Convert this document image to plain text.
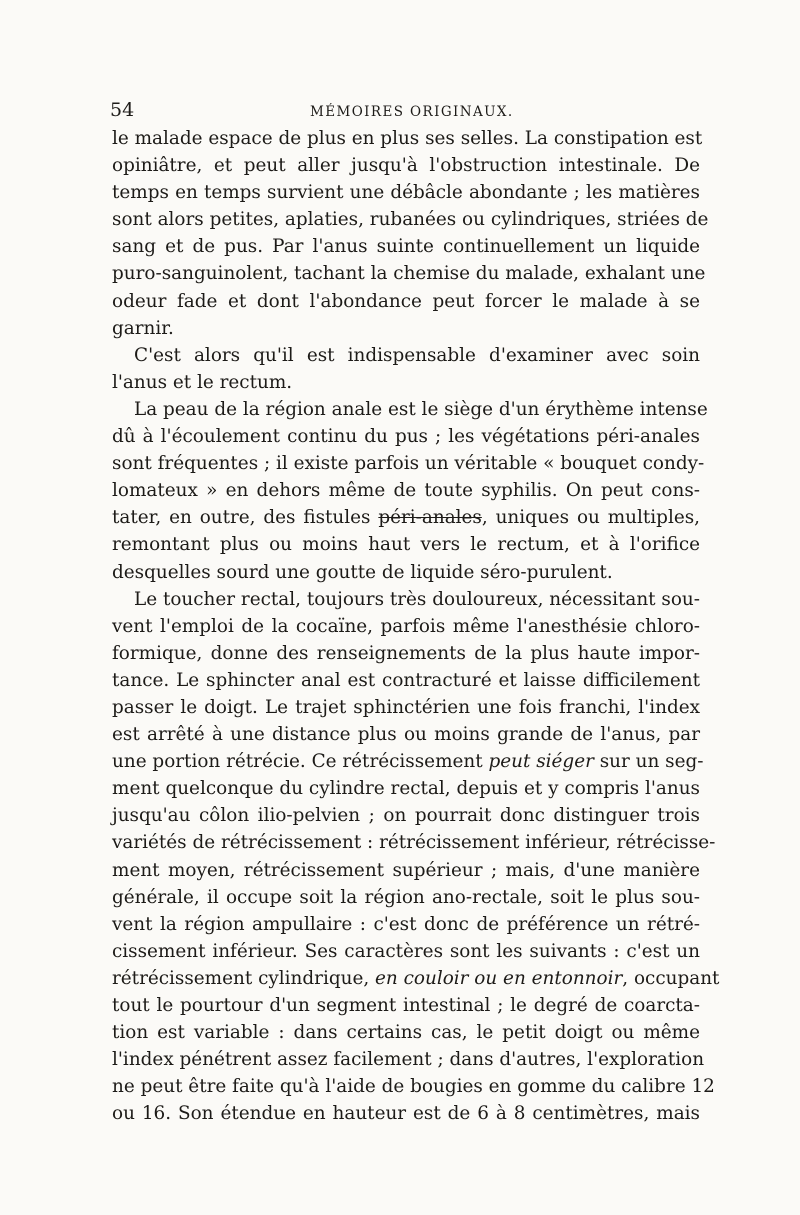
54	MÉMOIRES ORIGINAUX.
le malade espace de plus en plus ses selles. La constipation est
opiniâtre, et peut aller jusqu'à l'obstruction intestinale. De
temps en temps survient une débâcle abondante ; les matières
sont alors petites, aplaties, rubanées ou cylindriques, striées de
sang et de pus. Par l'anus suinte continuellement un liquide
puro-sanguinolent, tachant la chemise du malade, exhalant une
odeur fade et dont l'abondance peut forcer le malade à se
garnir.
C'est alors qu'il est indispensable d'examiner avec soin
l'anus et le rectum.
La peau de la région anale est le siège d'un érythème intense
dû à l'écoulement continu du pus ; les végétations péri-anales
sont fréquentes ; il existe parfois un véritable « bouquet condy-
lomateux » en dehors même de toute syphilis. On peut cons-
tater, en outre, des fistules péri-anales, uniques ou multiples,
remontant plus ou moins haut vers le rectum, et à l'orifice
desquelles sourd une goutte de liquide séro-purulent.
Le toucher rectal, toujours très douloureux, nécessitant sou-
vent l'emploi de la cocaïne, parfois même l'anesthésie chloro-
formique, donne des renseignements de la plus haute impor-
tance. Le sphincter anal est contracturé et laisse difficilement
passer le doigt. Le trajet sphinctérien une fois franchi, l'index
est arrêté à une distance plus ou moins grande de l'anus, par
une portion rétrécie. Ce rétrécissement peut siéger sur un seg-
ment quelconque du cylindre rectal, depuis et y compris l'anus
jusqu'au côlon ilio-pelvien ; on pourrait donc distinguer trois
variétés de rétrécissement : rétrécissement inférieur, rétrécisse-
ment moyen, rétrécissement supérieur ; mais, d'une manière
générale, il occupe soit la région ano-rectale, soit le plus sou-
vent la région ampullaire : c'est donc de préférence un rétré-
cissement inférieur. Ses caractères sont les suivants : c'est un
rétrécissement cylindrique, en couloir ou en entonnoir, occupant
tout le pourtour d'un segment intestinal ; le degré de coarcta-
tion est variable : dans certains cas, le petit doigt ou même
l'index pénétrent assez facilement ; dans d'autres, l'exploration
ne peut être faite qu'à l'aide de bougies en gomme du calibre 12
ou 16. Son étendue en hauteur est de 6 à 8 centimètres, mais
